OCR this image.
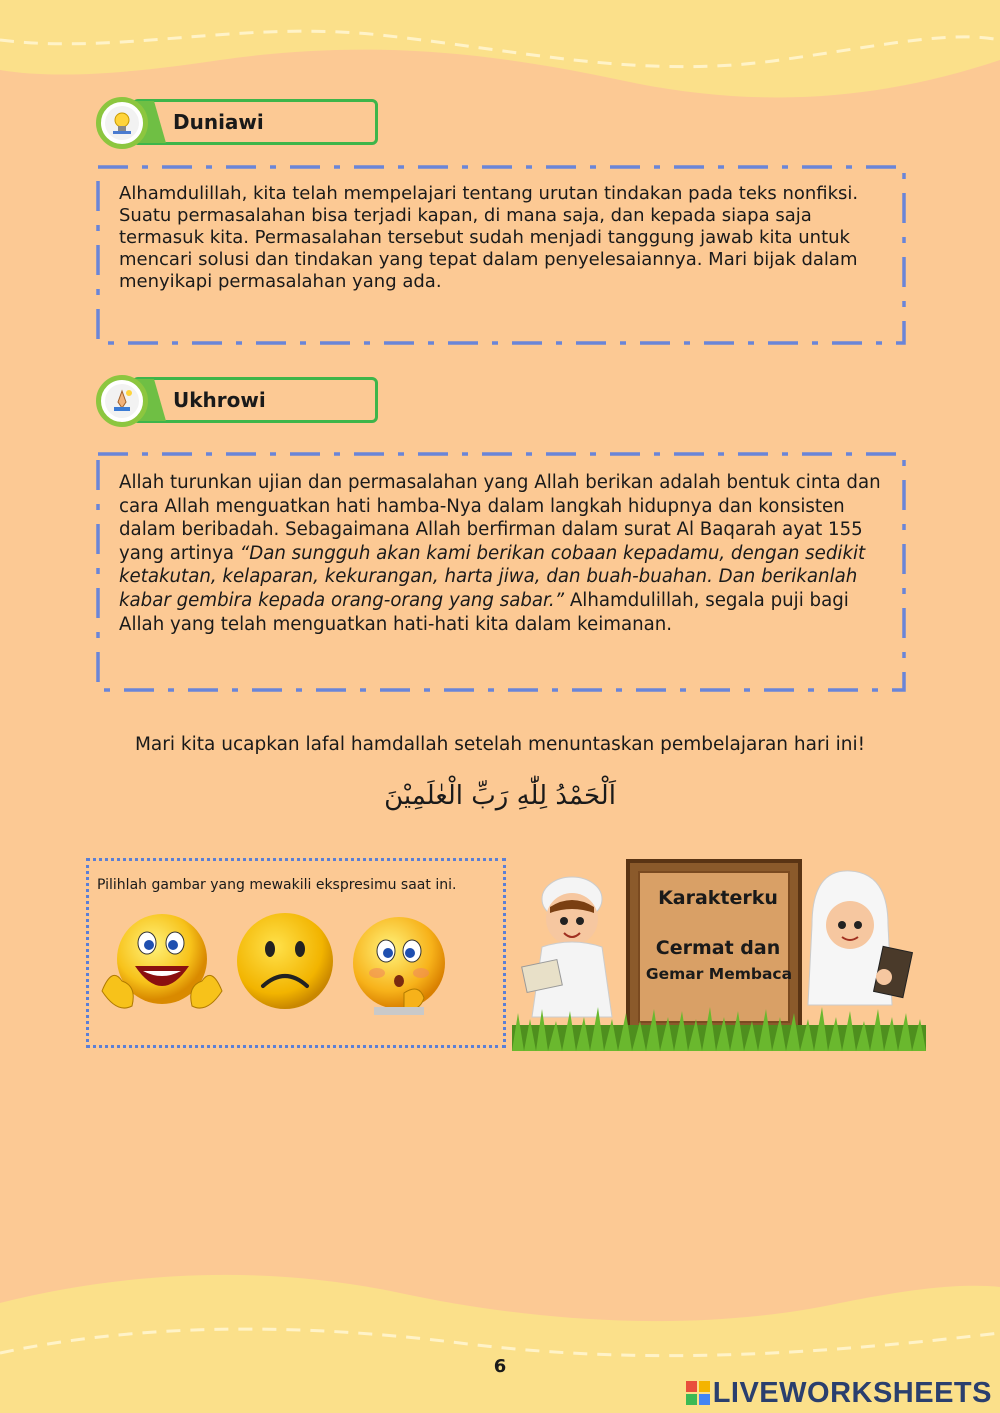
Duniawi
Alhamdulillah, kita telah mempelajari tentang urutan tindakan pada teks nonfiksi. Suatu permasalahan bisa terjadi kapan, di mana saja, dan kepada siapa saja termasuk kita. Permasalahan tersebut sudah menjadi tanggung jawab kita untuk mencari solusi dan tindakan yang tepat dalam penyelesaiannya. Mari bijak dalam menyikapi permasalahan yang ada.
Ukhrowi
Allah turunkan ujian dan permasalahan yang Allah berikan adalah bentuk cinta dan cara Allah menguatkan hati hamba-Nya dalam langkah hidupnya dan konsisten dalam beribadah. Sebagaimana Allah berfirman dalam surat Al Baqarah ayat 155 yang artinya “Dan sungguh akan kami berikan cobaan kepadamu, dengan sedikit ketakutan, kelaparan, kekurangan, harta jiwa, dan buah-buahan. Dan berikanlah kabar gembira kepada orang-orang yang sabar.” Alhamdulillah, segala puji bagi Allah yang telah menguatkan hati-hati kita dalam keimanan.
Mari kita ucapkan lafal hamdallah setelah menuntaskan pembelajaran hari ini!
اَلْحَمْدُ لِلّٰهِ رَبِّ الْعٰلَمِيْنَ
Pilihlah gambar yang mewakili ekspresimu saat ini.
Karakterku
Cermat dan
Gemar Membaca
6
LIVEWORKSHEETS
